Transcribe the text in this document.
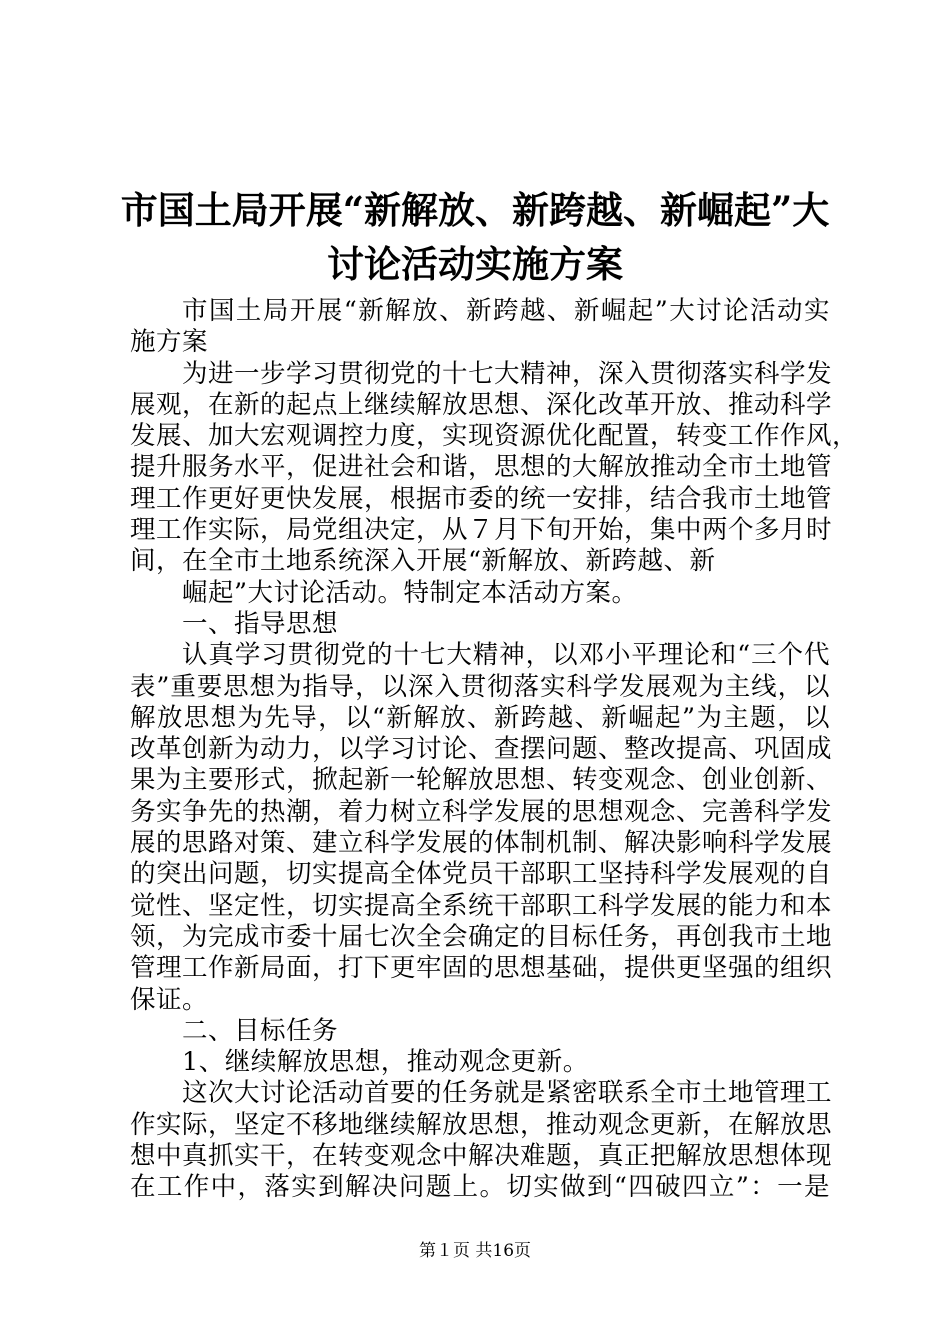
市国土局开展“新解放、新跨越、新崛起”大
讨论活动实施方案
市国土局开展“新解放、新跨越、新崛起”大讨论活动实
施方案
为进一步学习贯彻党的十七大精神，深入贯彻落实科学发
展观，在新的起点上继续解放思想、深化改革开放、推动科学
发展、加大宏观调控力度，实现资源优化配置，转变工作作风，
提升服务水平，促进社会和谐，思想的大解放推动全市土地管
理工作更好更快发展，根据市委的统一安排，结合我市土地管
理工作实际，局党组决定，从７月下旬开始，集中两个多月时
间，在全市土地系统深入开展“新解放、新跨越、新
崛起”大讨论活动。特制定本活动方案。
一、指导思想
认真学习贯彻党的十七大精神，以邓小平理论和“三个代
表”重要思想为指导，以深入贯彻落实科学发展观为主线，以
解放思想为先导，以“新解放、新跨越、新崛起”为主题，以
改革创新为动力，以学习讨论、查摆问题、整改提高、巩固成
果为主要形式，掀起新一轮解放思想、转变观念、创业创新、
务实争先的热潮，着力树立科学发展的思想观念、完善科学发
展的思路对策、建立科学发展的体制机制、解决影响科学发展
的突出问题，切实提高全体党员干部职工坚持科学发展观的自
觉性、坚定性，切实提高全系统干部职工科学发展的能力和本
领，为完成市委十届七次全会确定的目标任务，再创我市土地
管理工作新局面，打下更牢固的思想基础，提供更坚强的组织
保证。
二、目标任务
1、继续解放思想，推动观念更新。
这次大讨论活动首要的任务就是紧密联系全市土地管理工
作实际，坚定不移地继续解放思想，推动观念更新，在解放思
想中真抓实干，在转变观念中解决难题，真正把解放思想体现
在工作中，落实到解决问题上。切实做到“四破四立”：一是
第１页 共16页
